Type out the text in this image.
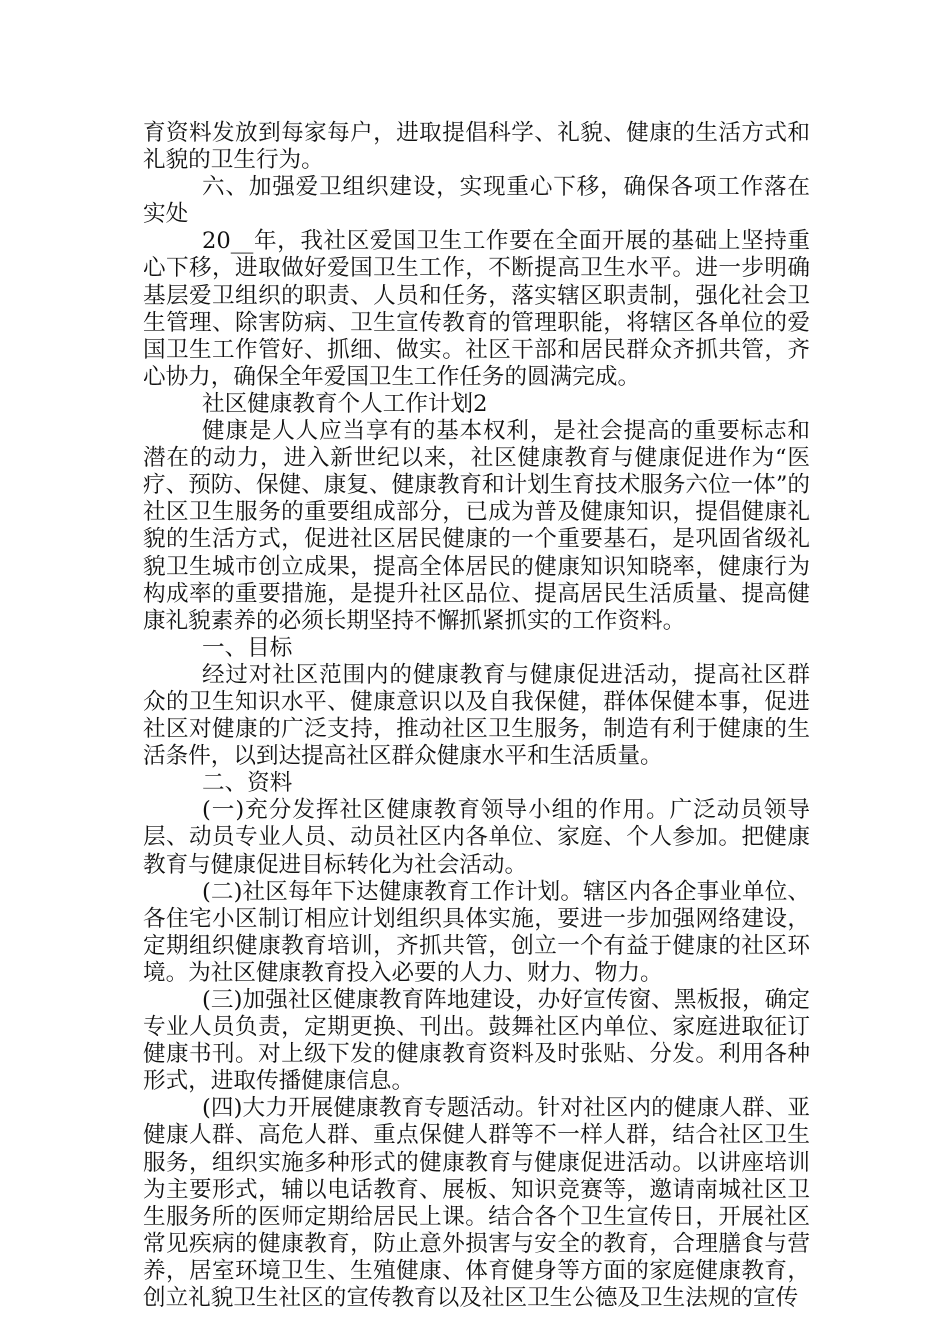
育资料发放到每家每户，进取提倡科学、礼貌、健康的生活方式和礼貌的卫生行为。

六、加强爱卫组织建设，实现重心下移，确保各项工作落在实处

20__年，我社区爱国卫生工作要在全面开展的基础上坚持重心下移，进取做好爱国卫生工作，不断提高卫生水平。进一步明确基层爱卫组织的职责、人员和任务，落实辖区职责制，强化社会卫生管理、除害防病、卫生宣传教育的管理职能，将辖区各单位的爱国卫生工作管好、抓细、做实。社区干部和居民群众齐抓共管，齐心协力，确保全年爱国卫生工作任务的圆满完成。

社区健康教育个人工作计划2

健康是人人应当享有的基本权利，是社会提高的重要标志和潜在的动力，进入新世纪以来，社区健康教育与健康促进作为“医疗、预防、保健、康复、健康教育和计划生育技术服务六位一体”的社区卫生服务的重要组成部分，已成为普及健康知识，提倡健康礼貌的生活方式，促进社区居民健康的一个重要基石，是巩固省级礼貌卫生城市创立成果，提高全体居民的健康知识知晓率，健康行为构成率的重要措施，是提升社区品位、提高居民生活质量、提高健康礼貌素养的必须长期坚持不懈抓紧抓实的工作资料。

一、目标

经过对社区范围内的健康教育与健康促进活动，提高社区群众的卫生知识水平、健康意识以及自我保健，群体保健本事，促进社区对健康的广泛支持，推动社区卫生服务，制造有利于健康的生活条件，以到达提高社区群众健康水平和生活质量。

二、资料

(一)充分发挥社区健康教育领导小组的作用。广泛动员领导层、动员专业人员、动员社区内各单位、家庭、个人参加。把健康教育与健康促进目标转化为社会活动。

(二)社区每年下达健康教育工作计划。辖区内各企事业单位、各住宅小区制订相应计划组织具体实施，要进一步加强网络建设，定期组织健康教育培训，齐抓共管，创立一个有益于健康的社区环境。为社区健康教育投入必要的人力、财力、物力。

(三)加强社区健康教育阵地建设，办好宣传窗、黑板报，确定专业人员负责，定期更换、刊出。鼓舞社区内单位、家庭进取征订健康书刊。对上级下发的健康教育资料及时张贴、分发。利用各种形式，进取传播健康信息。

(四)大力开展健康教育专题活动。针对社区内的健康人群、亚健康人群、高危人群、重点保健人群等不一样人群，结合社区卫生服务，组织实施多种形式的健康教育与健康促进活动。以讲座培训为主要形式，辅以电话教育、展板、知识竞赛等，邀请南城社区卫生服务所的医师定期给居民上课。结合各个卫生宣传日，开展社区常见疾病的健康教育，防止意外损害与安全的教育，合理膳食与营养，居室环境卫生、生殖健康、体育健身等方面的家庭健康教育，创立礼貌卫生社区的宣传教育以及社区卫生公德及卫生法规的宣传
